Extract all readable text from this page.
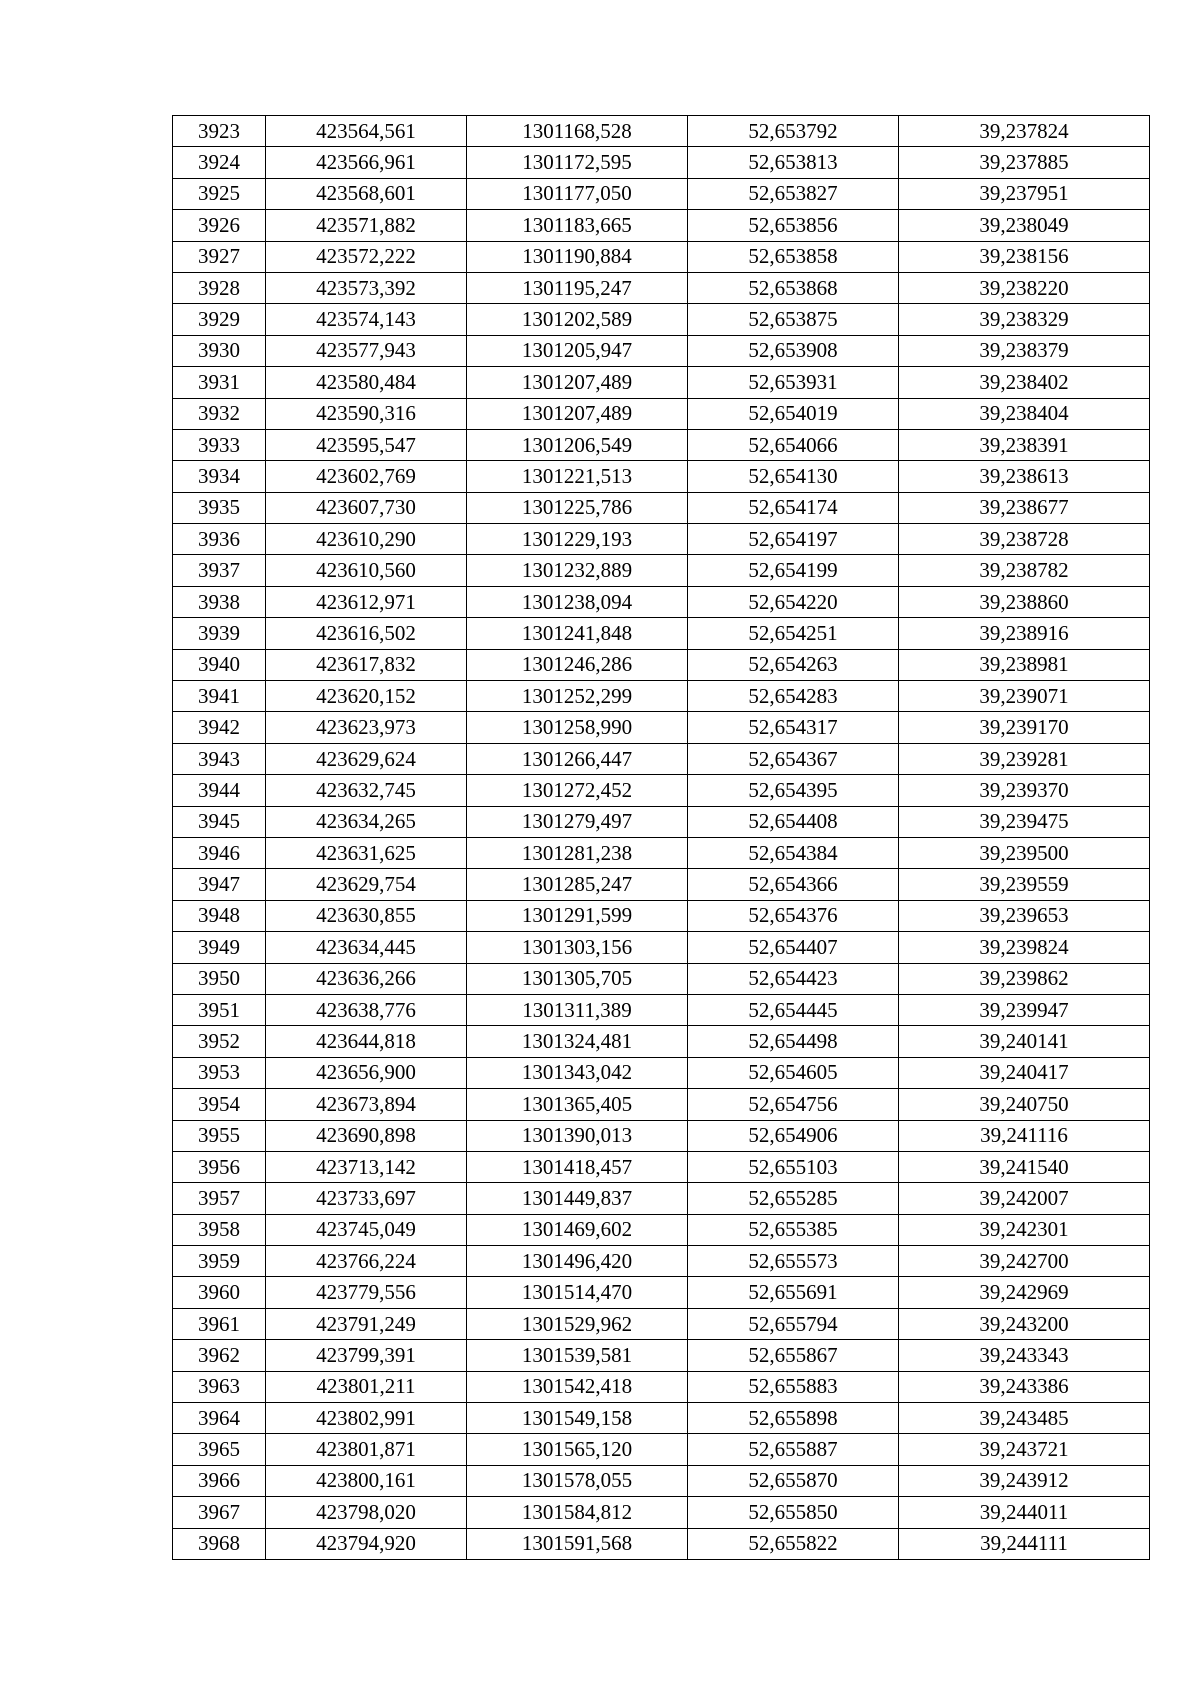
3923	423564,561	1301168,528	52,653792	39,237824
3924	423566,961	1301172,595	52,653813	39,237885
3925	423568,601	1301177,050	52,653827	39,237951
3926	423571,882	1301183,665	52,653856	39,238049
3927	423572,222	1301190,884	52,653858	39,238156
3928	423573,392	1301195,247	52,653868	39,238220
3929	423574,143	1301202,589	52,653875	39,238329
3930	423577,943	1301205,947	52,653908	39,238379
3931	423580,484	1301207,489	52,653931	39,238402
3932	423590,316	1301207,489	52,654019	39,238404
3933	423595,547	1301206,549	52,654066	39,238391
3934	423602,769	1301221,513	52,654130	39,238613
3935	423607,730	1301225,786	52,654174	39,238677
3936	423610,290	1301229,193	52,654197	39,238728
3937	423610,560	1301232,889	52,654199	39,238782
3938	423612,971	1301238,094	52,654220	39,238860
3939	423616,502	1301241,848	52,654251	39,238916
3940	423617,832	1301246,286	52,654263	39,238981
3941	423620,152	1301252,299	52,654283	39,239071
3942	423623,973	1301258,990	52,654317	39,239170
3943	423629,624	1301266,447	52,654367	39,239281
3944	423632,745	1301272,452	52,654395	39,239370
3945	423634,265	1301279,497	52,654408	39,239475
3946	423631,625	1301281,238	52,654384	39,239500
3947	423629,754	1301285,247	52,654366	39,239559
3948	423630,855	1301291,599	52,654376	39,239653
3949	423634,445	1301303,156	52,654407	39,239824
3950	423636,266	1301305,705	52,654423	39,239862
3951	423638,776	1301311,389	52,654445	39,239947
3952	423644,818	1301324,481	52,654498	39,240141
3953	423656,900	1301343,042	52,654605	39,240417
3954	423673,894	1301365,405	52,654756	39,240750
3955	423690,898	1301390,013	52,654906	39,241116
3956	423713,142	1301418,457	52,655103	39,241540
3957	423733,697	1301449,837	52,655285	39,242007
3958	423745,049	1301469,602	52,655385	39,242301
3959	423766,224	1301496,420	52,655573	39,242700
3960	423779,556	1301514,470	52,655691	39,242969
3961	423791,249	1301529,962	52,655794	39,243200
3962	423799,391	1301539,581	52,655867	39,243343
3963	423801,211	1301542,418	52,655883	39,243386
3964	423802,991	1301549,158	52,655898	39,243485
3965	423801,871	1301565,120	52,655887	39,243721
3966	423800,161	1301578,055	52,655870	39,243912
3967	423798,020	1301584,812	52,655850	39,244011
3968	423794,920	1301591,568	52,655822	39,244111
